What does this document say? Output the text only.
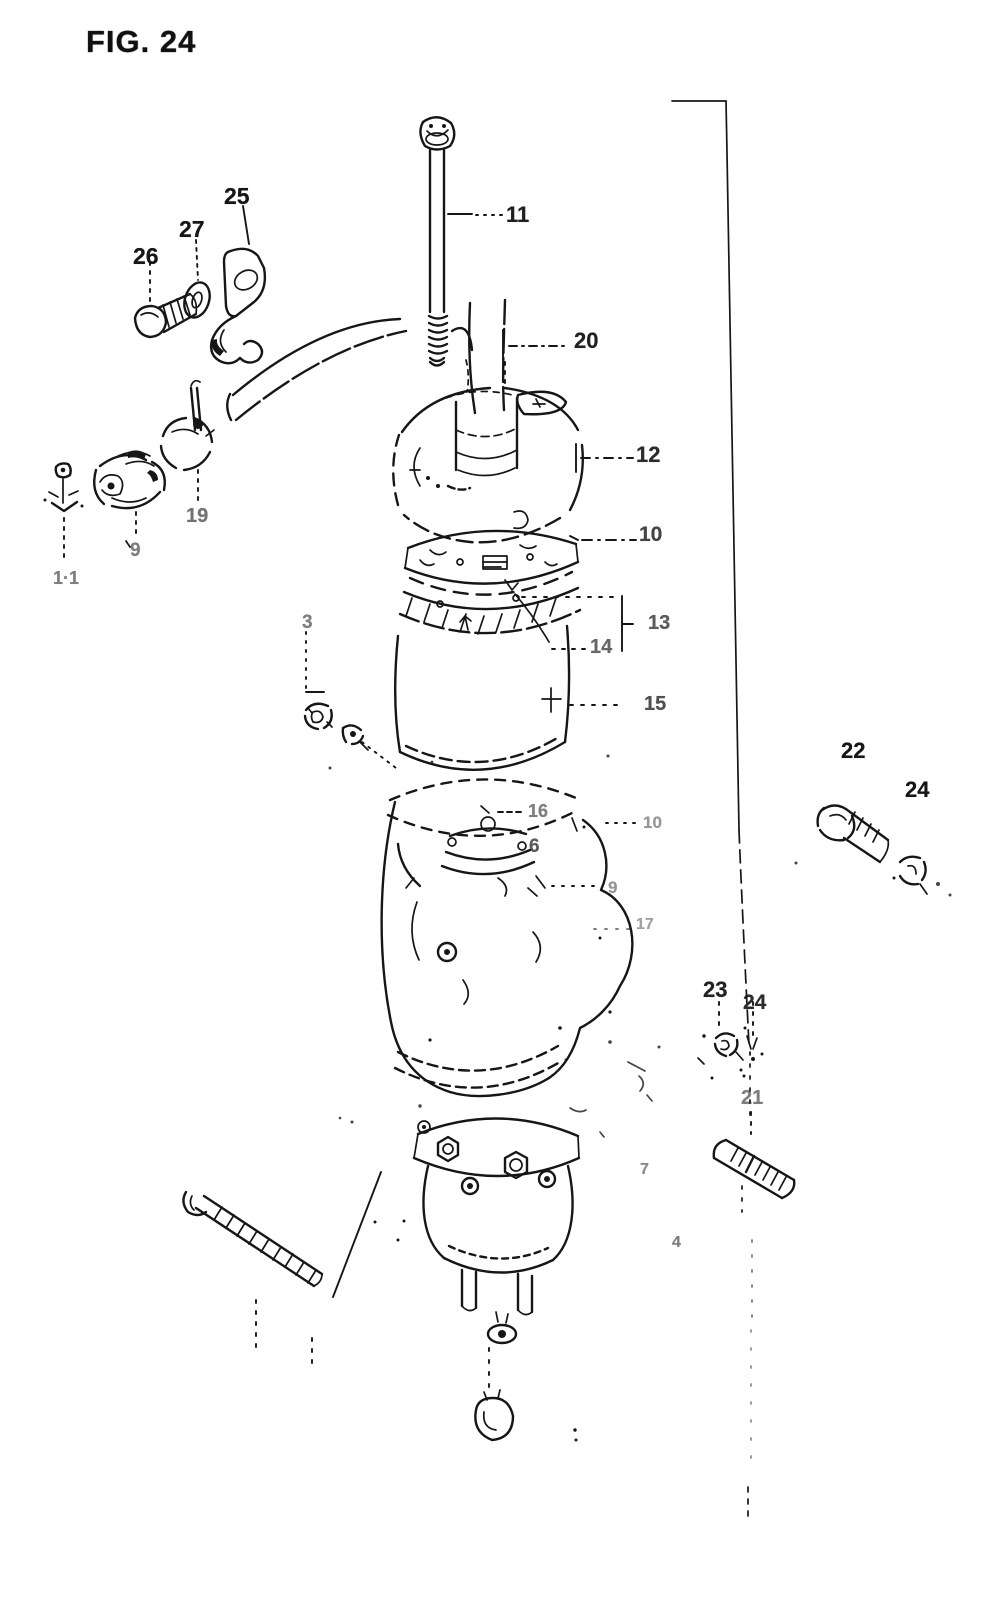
FIG. 24
25
27
26
11
20
12
10
13
14
15
3
22
24
16
10
6
9
17
23
24
21
7
4
19
9
1·1
